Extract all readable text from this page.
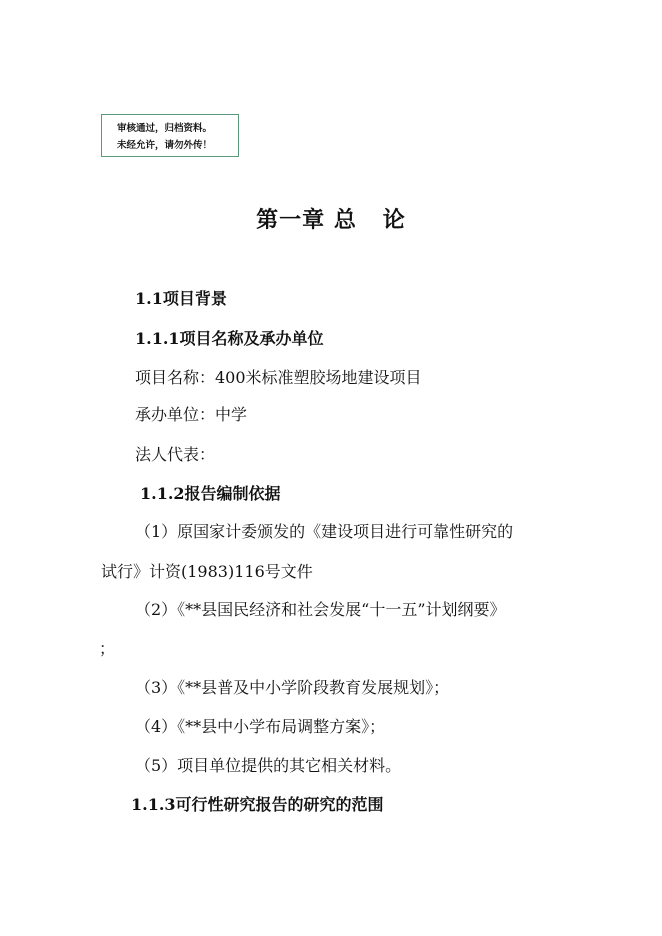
审核通过，归档资料。
未经允许，请勿外传！
第一章 总   论
1.1项目背景
1.1.1项目名称及承办单位
项目名称：400米标准塑胶场地建设项目
承办单位：中学
法人代表：
1.1.2报告编制依据
（1）原国家计委颁发的《建设项目进行可靠性研究的
试行》计资(1983)116号文件
（2）《**县国民经济和社会发展“十一五”计划纲要》
；
（3）《**县普及中小学阶段教育发展规划》；
（4）《**县中小学布局调整方案》；
（5）项目单位提供的其它相关材料。
1.1.3可行性研究报告的研究的范围
